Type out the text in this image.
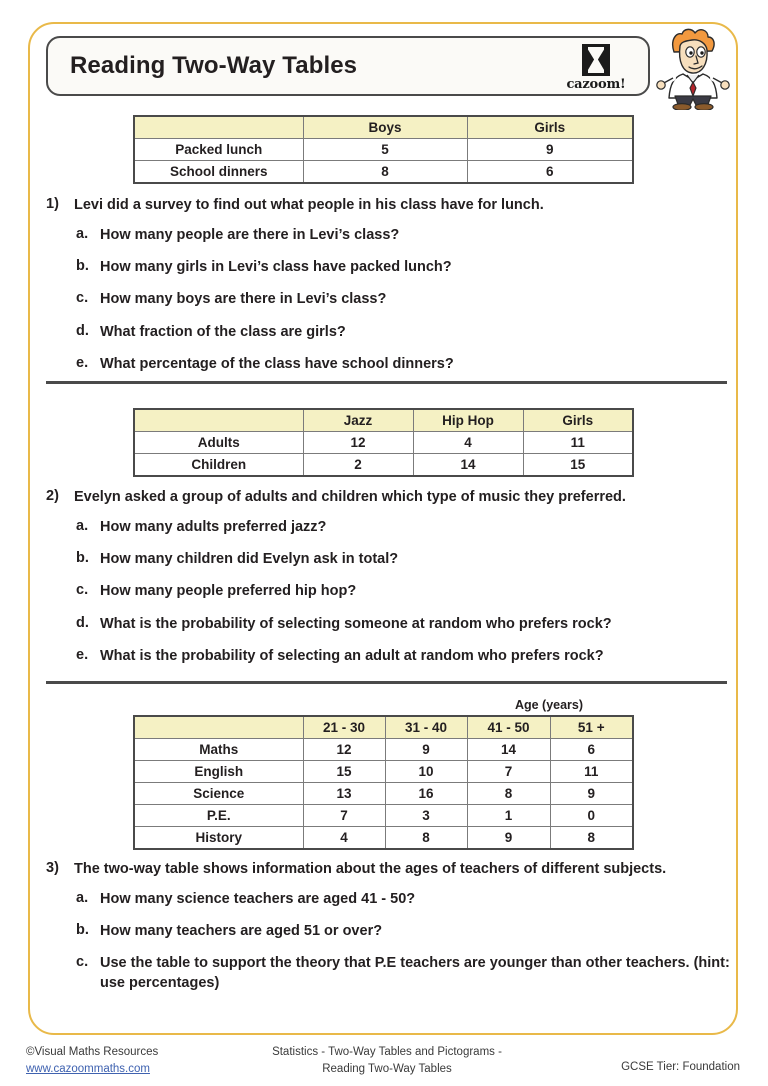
Reading Two-Way Tables
cazoom!
	Boys	Girls
Packed lunch	5	9
School dinners	8	6
1)	Levi did a survey to find out what people in his class have for lunch.
a. How many people are there in Levi’s class?
b. How many girls in Levi’s class have packed lunch?
c. How many boys are there in Levi’s class?
d. What fraction of the class are girls?
e. What percentage of the class have school dinners?
	Jazz	Hip Hop	Girls
Adults	12	4	11
Children	2	14	15
2)	Evelyn asked a group of adults and children which type of music they preferred.
a. How many adults preferred jazz?
b. How many children did Evelyn ask in total?
c. How many people preferred hip hop?
d. What is the probability of selecting someone at random who prefers rock?
e. What is the probability of selecting an adult at random who prefers rock?
Age (years)
	21 - 30	31 - 40	41 - 50	51 +
Maths	12	9	14	6
English	15	10	7	11
Science	13	16	8	9
P.E.	7	3	1	0
History	4	8	9	8
3)	The two-way table shows information about the ages of teachers of different subjects.
a. How many science teachers are aged 41 - 50?
b. How many teachers are aged 51 or over?
c. Use the table to support the theory that P.E teachers are younger than other teachers. (hint: use percentages)
©Visual Maths Resources
www.cazoommaths.com
Statistics - Two-Way Tables and Pictograms -
Reading Two-Way Tables	GCSE Tier: Foundation
